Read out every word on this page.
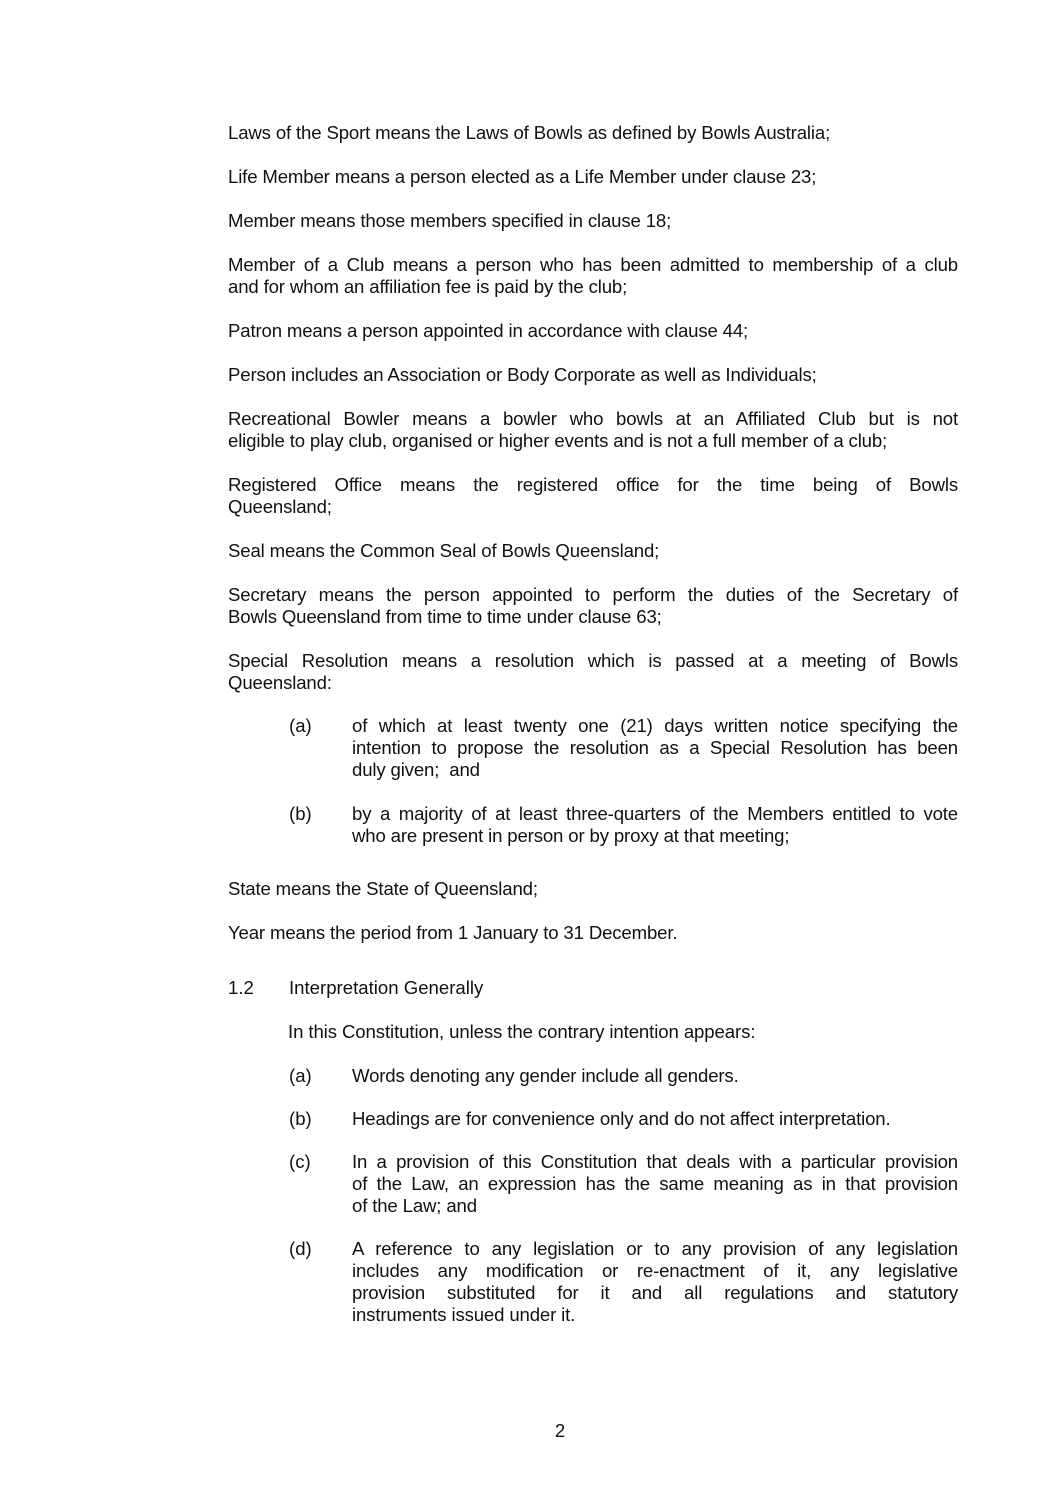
Laws of the Sport means the Laws of Bowls as defined by Bowls Australia;
Life Member means a person elected as a Life Member under clause 23;
Member means those members specified in clause 18;
Member of a Club means a person who has been admitted to membership of a club
and for whom an affiliation fee is paid by the club;
Patron means a person appointed in accordance with clause 44;
Person includes an Association or Body Corporate as well as Individuals;
Recreational Bowler means a bowler who bowls at an Affiliated Club but is not
eligible to play club, organised or higher events and is not a full member of a club;
Registered Office means the registered office for the time being of Bowls
Queensland;
Seal means the Common Seal of Bowls Queensland;
Secretary means the person appointed to perform the duties of the Secretary of
Bowls Queensland from time to time under clause 63;
Special Resolution means a resolution which is passed at a meeting of Bowls
Queensland:
(a) of which at least twenty one (21) days written notice specifying the
intention to propose the resolution as a Special Resolution has been
duly given;  and
(b) by a majority of at least three-quarters of the Members entitled to vote
who are present in person or by proxy at that meeting;
State means the State of Queensland;
Year means the period from 1 January to 31 December.
1.2 Interpretation Generally
In this Constitution, unless the contrary intention appears:
(a) Words denoting any gender include all genders.
(b) Headings are for convenience only and do not affect interpretation.
(c) In a provision of this Constitution that deals with a particular provision
of the Law, an expression has the same meaning as in that provision
of the Law; and
(d) A reference to any legislation or to any provision of any legislation
includes any modification or re-enactment of it, any legislative
provision substituted for it and all regulations and statutory
instruments issued under it.
2
